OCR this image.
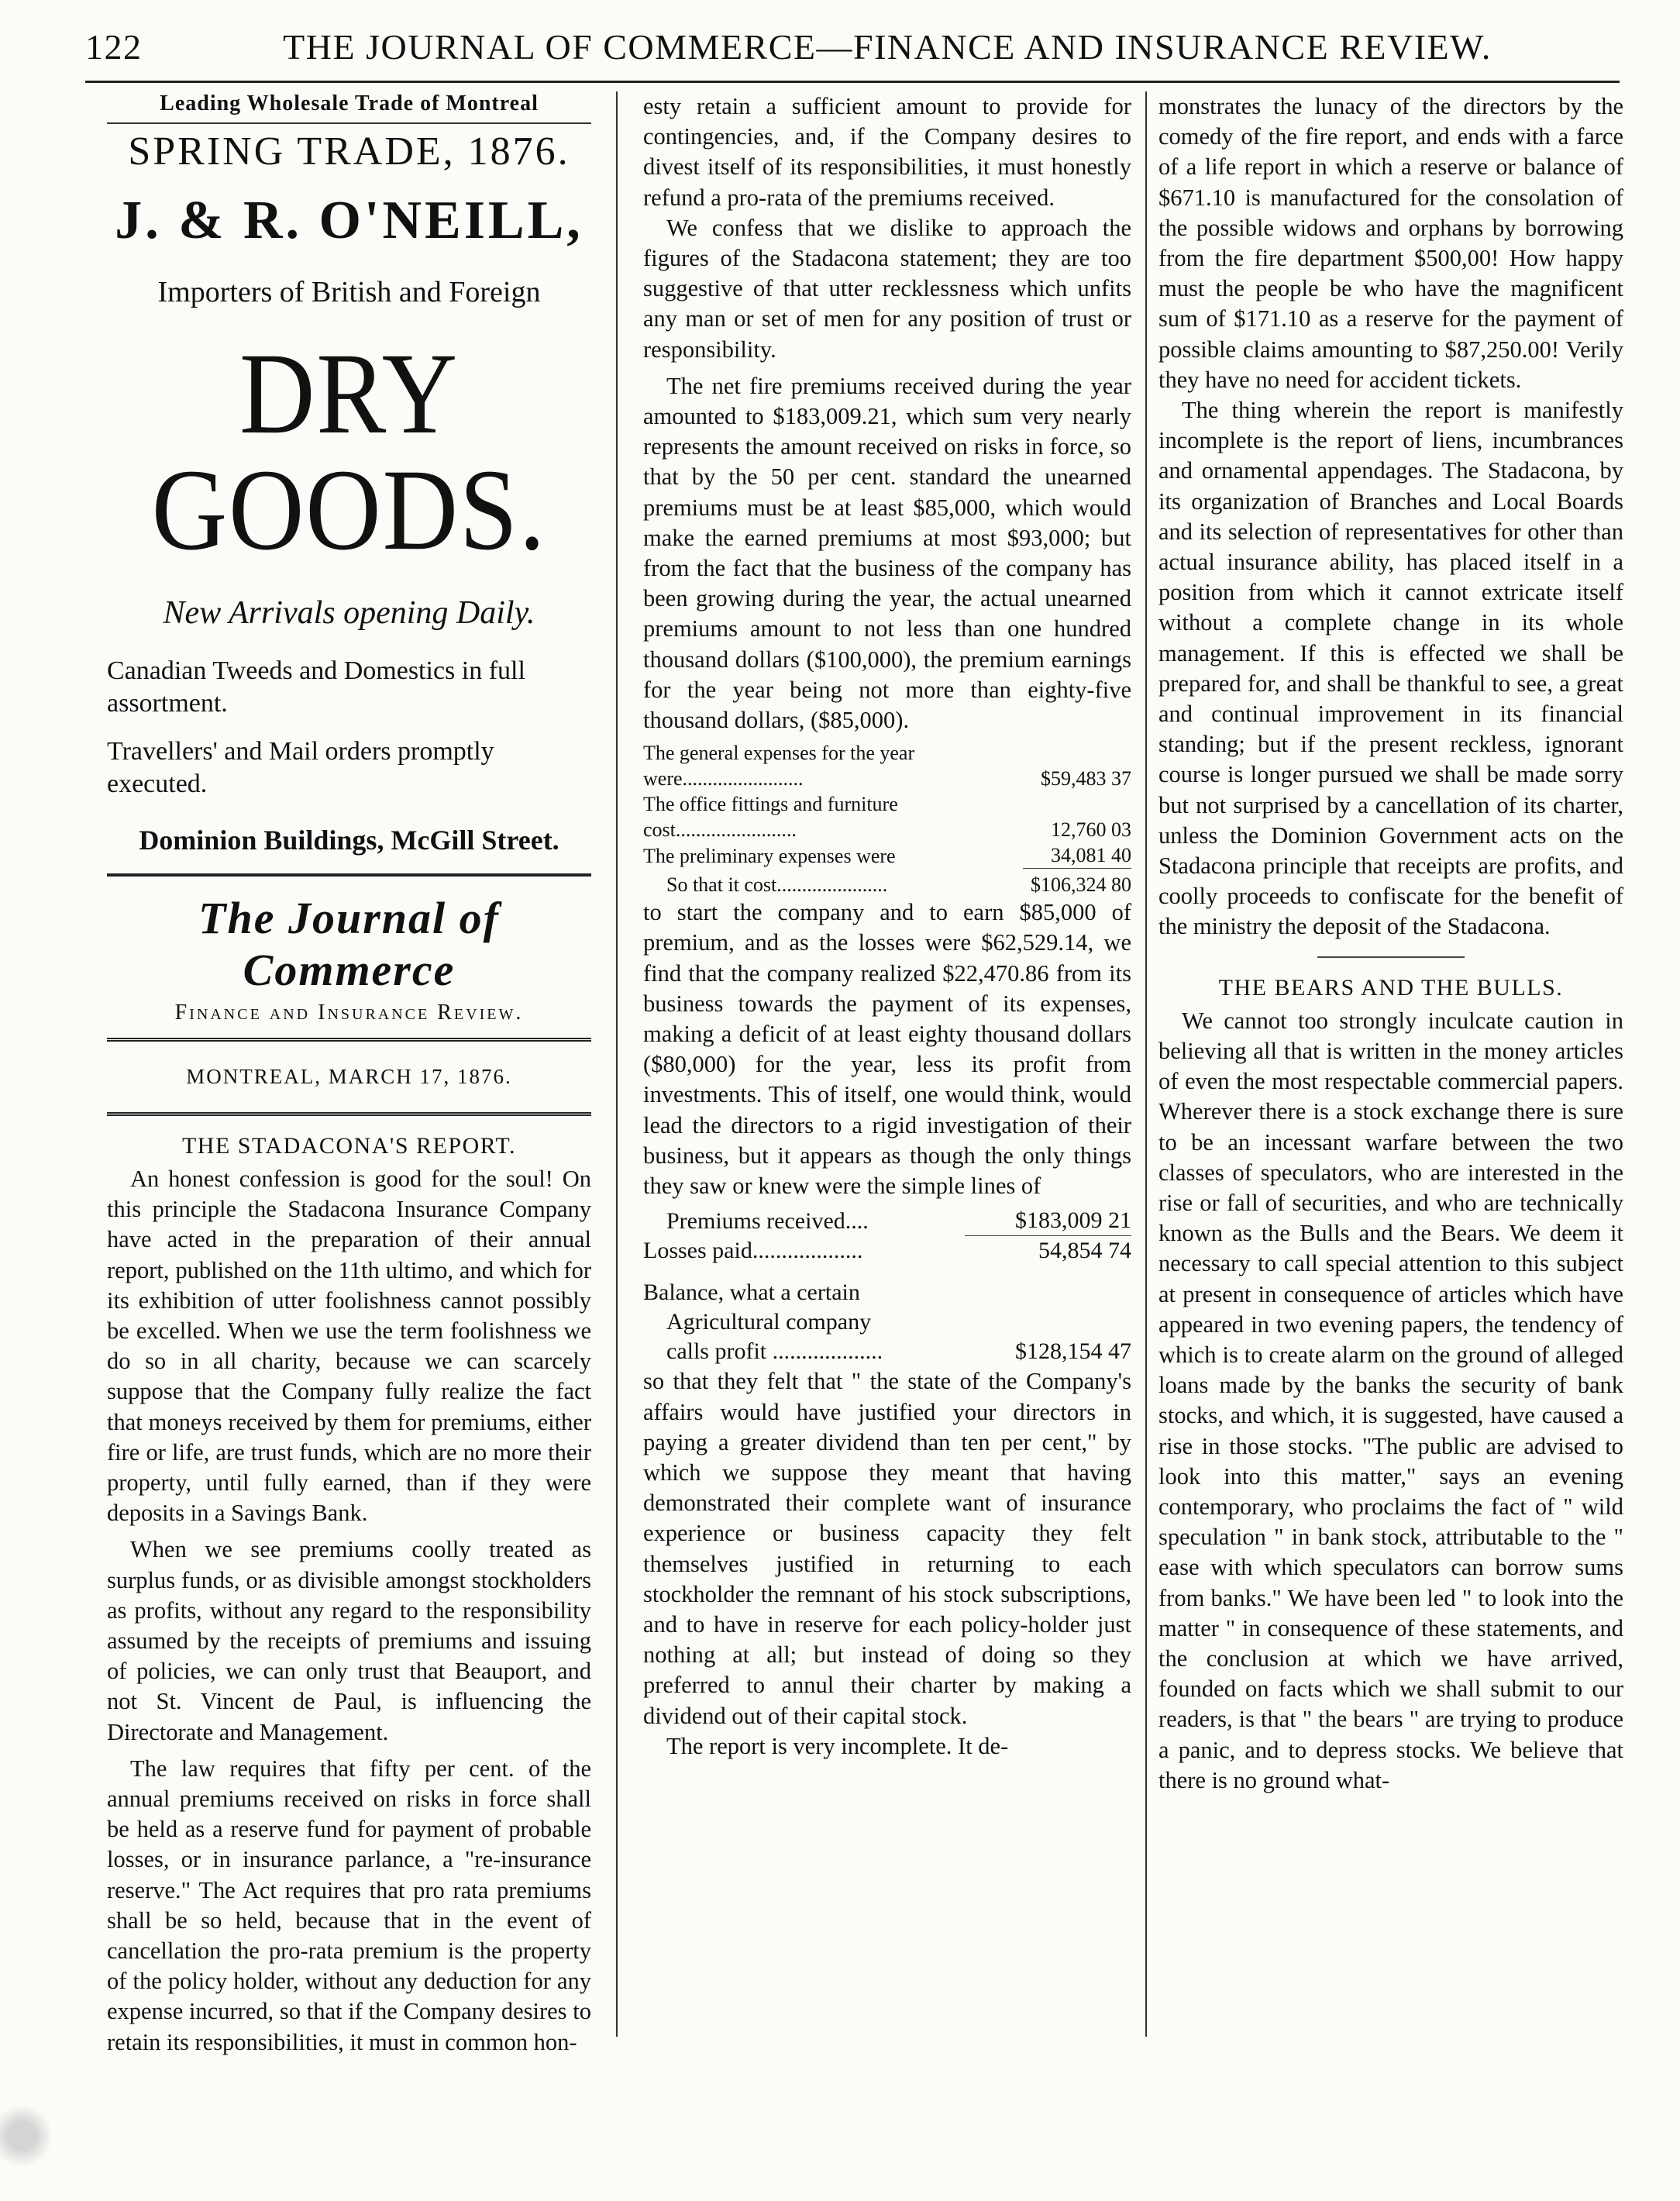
122	THE JOURNAL OF COMMERCE—FINANCE AND INSURANCE REVIEW.

Leading Wholesale Trade of Montreal

SPRING TRADE, 1876.

J. & R. O'NEILL,

Importers of British and Foreign

DRY GOODS.

New Arrivals opening Daily.

Canadian Tweeds and Domestics in full assortment.

Travellers' and Mail orders promptly executed.

Dominion Buildings, McGill Street.

The Journal of Commerce

Finance and Insurance Review.

MONTREAL, MARCH 17, 1876.

THE STADACONA'S REPORT.

An honest confession is good for the soul! On this principle the Stadacona Insurance Company have acted in the preparation of their annual report, published on the 11th ultimo, and which for its exhibition of utter foolishness cannot possibly be excelled. When we use the term foolishness we do so in all charity, because we can scarcely suppose that the Company fully realize the fact that moneys received by them for premiums, either fire or life, are trust funds, which are no more their property, until fully earned, than if they were deposits in a Savings Bank.

When we see premiums coolly treated as surplus funds, or as divisible amongst stockholders as profits, without any regard to the responsibility assumed by the receipts of premiums and issuing of policies, we can only trust that Beauport, and not St. Vincent de Paul, is influencing the Directorate and Management.

The law requires that fifty per cent. of the annual premiums received on risks in force shall be held as a reserve fund for payment of probable losses, or in insurance parlance, a "re-insurance reserve." The Act requires that pro rata premiums shall be so held, because that in the event of cancellation the pro-rata premium is the property of the policy holder, without any deduction for any expense incurred, so that if the Company desires to retain its responsibilities, it must in common hon-

esty retain a sufficient amount to provide for contingencies, and, if the Company desires to divest itself of its responsibilities, it must honestly refund a pro-rata of the premiums received.

We confess that we dislike to approach the figures of the Stadacona statement; they are too suggestive of that utter recklessness which unfits any man or set of men for any position of trust or responsibility.

The net fire premiums received during the year amounted to $183,009.21, which sum very nearly represents the amount received on risks in force, so that by the 50 per cent. standard the unearned premiums must be at least $85,000, which would make the earned premiums at most $93,000; but from the fact that the business of the company has been growing during the year, the actual unearned premiums amount to not less than one hundred thousand dollars ($100,000), the premium earnings for the year being not more than eighty-five thousand dollars, ($85,000).

The general expenses for the year were........................	$59,483 37
The office fittings and furniture cost........................	12,760 03
The preliminary expenses were	34,081 40
So that it cost......................	$106,324 80

to start the company and to earn $85,000 of premium, and as the losses were $62,529.14, we find that the company realized $22,470.86 from its business towards the payment of its expenses, making a deficit of at least eighty thousand dollars ($80,000) for the year, less its profit from investments. This of itself, one would think, would lead the directors to a rigid investigation of their business, but it appears as though the only things they saw or knew were the simple lines of

Premiums received....	$183,009 21
Losses paid...................	54,854 74
Balance, what a certain	
Agricultural company	
calls profit ...................	$128,154 47

so that they felt that " the state of the Company's affairs would have justified your directors in paying a greater dividend than ten per cent," by which we suppose they meant that having demonstrated their complete want of insurance experience or business capacity they felt themselves justified in returning to each stockholder the remnant of his stock subscriptions, and to have in reserve for each policy-holder just nothing at all; but instead of doing so they preferred to annul their charter by making a dividend out of their capital stock.

The report is very incomplete. It de-

monstrates the lunacy of the directors by the comedy of the fire report, and ends with a farce of a life report in which a reserve or balance of $671.10 is manufactured for the consolation of the possible widows and orphans by borrowing from the fire department $500,00! How happy must the people be who have the magnificent sum of $171.10 as a reserve for the payment of possible claims amounting to $87,250.00! Verily they have no need for accident tickets.

The thing wherein the report is manifestly incomplete is the report of liens, incumbrances and ornamental appendages. The Stadacona, by its organization of Branches and Local Boards and its selection of representatives for other than actual insurance ability, has placed itself in a position from which it cannot extricate itself without a complete change in its whole management. If this is effected we shall be prepared for, and shall be thankful to see, a great and continual improvement in its financial standing; but if the present reckless, ignorant course is longer pursued we shall be made sorry but not surprised by a cancellation of its charter, unless the Dominion Government acts on the Stadacona principle that receipts are profits, and coolly proceeds to confiscate for the benefit of the ministry the deposit of the Stadacona.

THE BEARS AND THE BULLS.

We cannot too strongly inculcate caution in believing all that is written in the money articles of even the most respectable commercial papers. Wherever there is a stock exchange there is sure to be an incessant warfare between the two classes of speculators, who are interested in the rise or fall of securities, and who are technically known as the Bulls and the Bears. We deem it necessary to call special attention to this subject at present in consequence of articles which have appeared in two evening papers, the tendency of which is to create alarm on the ground of alleged loans made by the banks the security of bank stocks, and which, it is suggested, have caused a rise in those stocks. "The public are advised to look into this matter," says an evening contemporary, who proclaims the fact of " wild speculation " in bank stock, attributable to the " ease with which speculators can borrow sums from banks." We have been led " to look into the matter " in consequence of these statements, and the conclusion at which we have arrived, founded on facts which we shall submit to our readers, is that " the bears " are trying to produce a panic, and to depress stocks. We believe that there is no ground what-
